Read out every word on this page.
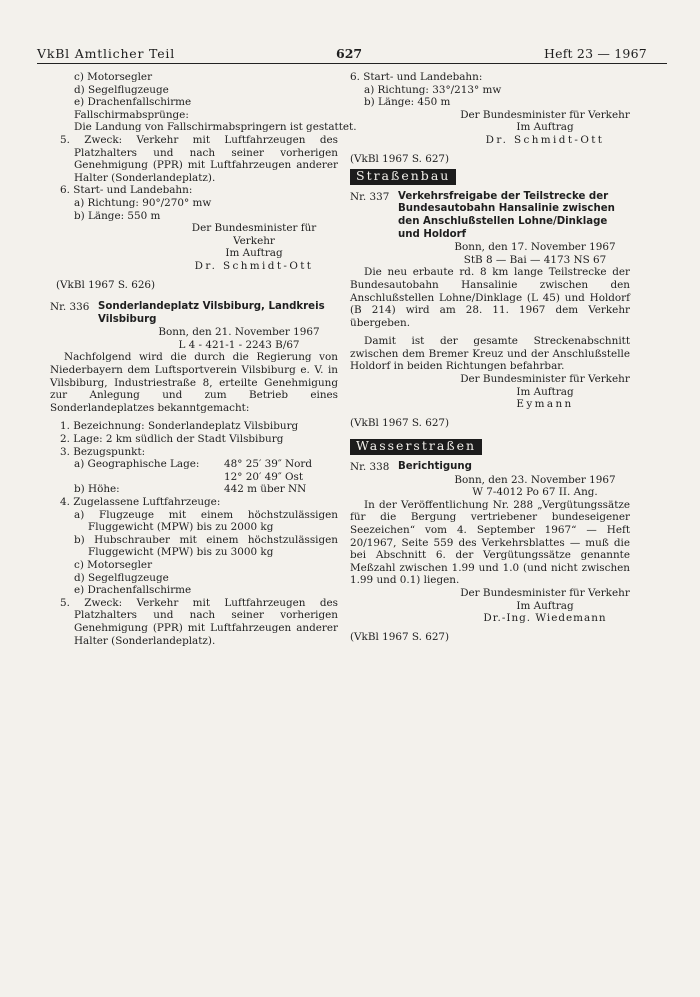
VkBl Amtlicher Teil	627	Heft 23 — 1967
c) Motorsegler
d) Segelflugzeuge
e) Drachenfallschirme
Fallschirmabsprünge:
Die Landung von Fallschirmabspringern ist gestattet.
5. Zweck: Verkehr mit Luftfahrzeugen des Platzhalters und nach seiner vorherigen Genehmigung (PPR) mit Luftfahrzeugen anderer Halter (Sonderlandeplatz).
6. Start- und Landebahn:
a) Richtung: 90°/270° mw
b) Länge: 550 m
Der Bundesminister für Verkehr
Im Auftrag
Dr. Schmidt-Ott
(VkBl 1967 S. 626)
Nr. 336 Sonderlandeplatz Vilsbiburg, Landkreis Vilsbiburg
Bonn, den 21. November 1967
L 4 - 421-1 - 2243 B/67
Nachfolgend wird die durch die Regierung von Niederbayern dem Luftsportverein Vilsbiburg e. V. in Vilsbiburg, Industriestraße 8, erteilte Genehmigung zur Anlegung und zum Betrieb eines Sonderlandeplatzes bekanntgemacht:
1. Bezeichnung: Sonderlandeplatz Vilsbiburg
2. Lage: 2 km südlich der Stadt Vilsbiburg
3. Bezugspunkt:
a) Geographische Lage: 48° 25′ 39″ Nord
12° 20′ 49″ Ost
b) Höhe:	442 m über NN
4. Zugelassene Luftfahrzeuge:
a) Flugzeuge mit einem höchstzulässigen Fluggewicht (MPW) bis zu 2000 kg
b) Hubschrauber mit einem höchstzulässigen Fluggewicht (MPW) bis zu 3000 kg
c) Motorsegler
d) Segelflugzeuge
e) Drachenfallschirme
5. Zweck: Verkehr mit Luftfahrzeugen des Platzhalters und nach seiner vorherigen Genehmigung (PPR) mit Luftfahrzeugen anderer Halter (Sonderlandeplatz).
6. Start- und Landebahn:
a) Richtung: 33°/213° mw
b) Länge: 450 m
Der Bundesminister für Verkehr
Im Auftrag
Dr. Schmidt-Ott
(VkBl 1967 S. 627)
Straßenbau
Nr. 337 Verkehrsfreigabe der Teilstrecke der Bundesautobahn Hansalinie zwischen den Anschlußstellen Lohne/Dinklage und Holdorf
Bonn, den 17. November 1967
StB 8 — Bai — 4173 NS 67
Die neu erbaute rd. 8 km lange Teilstrecke der Bundesautobahn Hansalinie zwischen den Anschlußstellen Lohne/Dinklage (L 45) und Holdorf (B 214) wird am 28. 11. 1967 dem Verkehr übergeben.
Damit ist der gesamte Streckenabschnitt zwischen dem Bremer Kreuz und der Anschlußstelle Holdorf in beiden Richtungen befahrbar.
Der Bundesminister für Verkehr
Im Auftrag
Eymann
(VkBl 1967 S. 627)
Wasserstraßen
Nr. 338 Berichtigung
Bonn, den 23. November 1967
W 7-4012 Po 67 II. Ang.
In der Veröffentlichung Nr. 288 „Vergütungssätze für die Bergung vertriebener bundeseigener Seezeichen“ vom 4. September 1967“ — Heft 20/1967, Seite 559 des Verkehrsblattes — muß die bei Abschnitt 6. der Vergütungssätze genannte Meßzahl zwischen 1.99 und 1.0 (und nicht zwischen 1.99 und 0.1) liegen.
Der Bundesminister für Verkehr
Im Auftrag
Dr.-Ing. Wiedemann
(VkBl 1967 S. 627)
